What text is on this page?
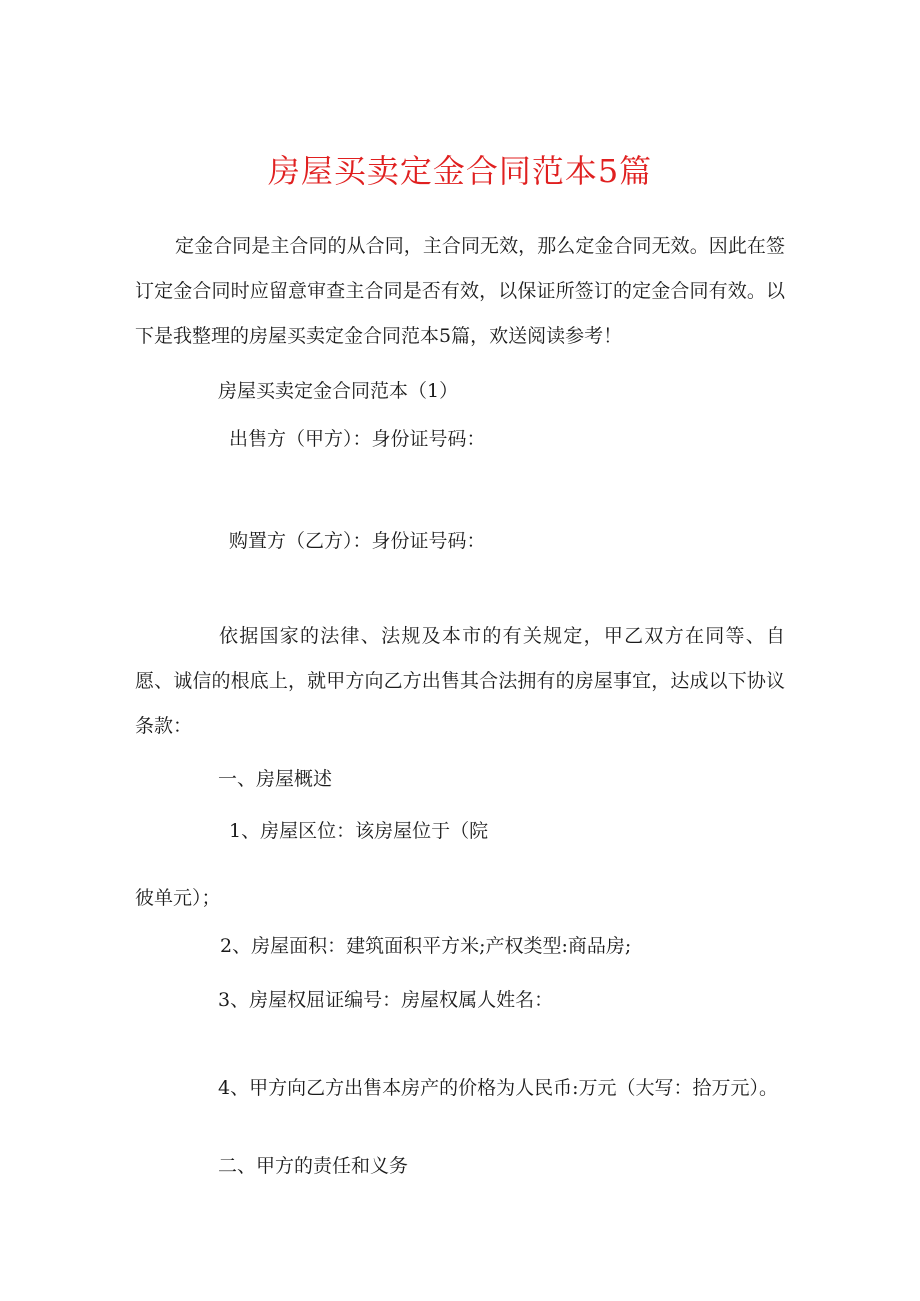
房屋买卖定金合同范本5篇
定金合同是主合同的从合同，主合同无效，那么定金合同无效。因此在签订定金合同时应留意审查主合同是否有效，以保证所签订的定金合同有效。以下是我整理的房屋买卖定金合同范本5篇，欢送阅读参考！
房屋买卖定金合同范本（1）
出售方（甲方）：身份证号码：
购置方（乙方）：身份证号码：
依据国家的法律、法规及本市的有关规定，甲乙双方在同等、自愿、诚信的根底上，就甲方向乙方出售其合法拥有的房屋事宜，达成以下协议条款：
一、房屋概述
1、房屋区位：该房屋位于（院
彼单元）；
2、房屋面积：建筑面积平方米;产权类型:商品房;
3、房屋权屈证编号：房屋权属人姓名：
4、甲方向乙方出售本房产的价格为人民币:万元（大写：拾万元）。
二、甲方的责任和义务
